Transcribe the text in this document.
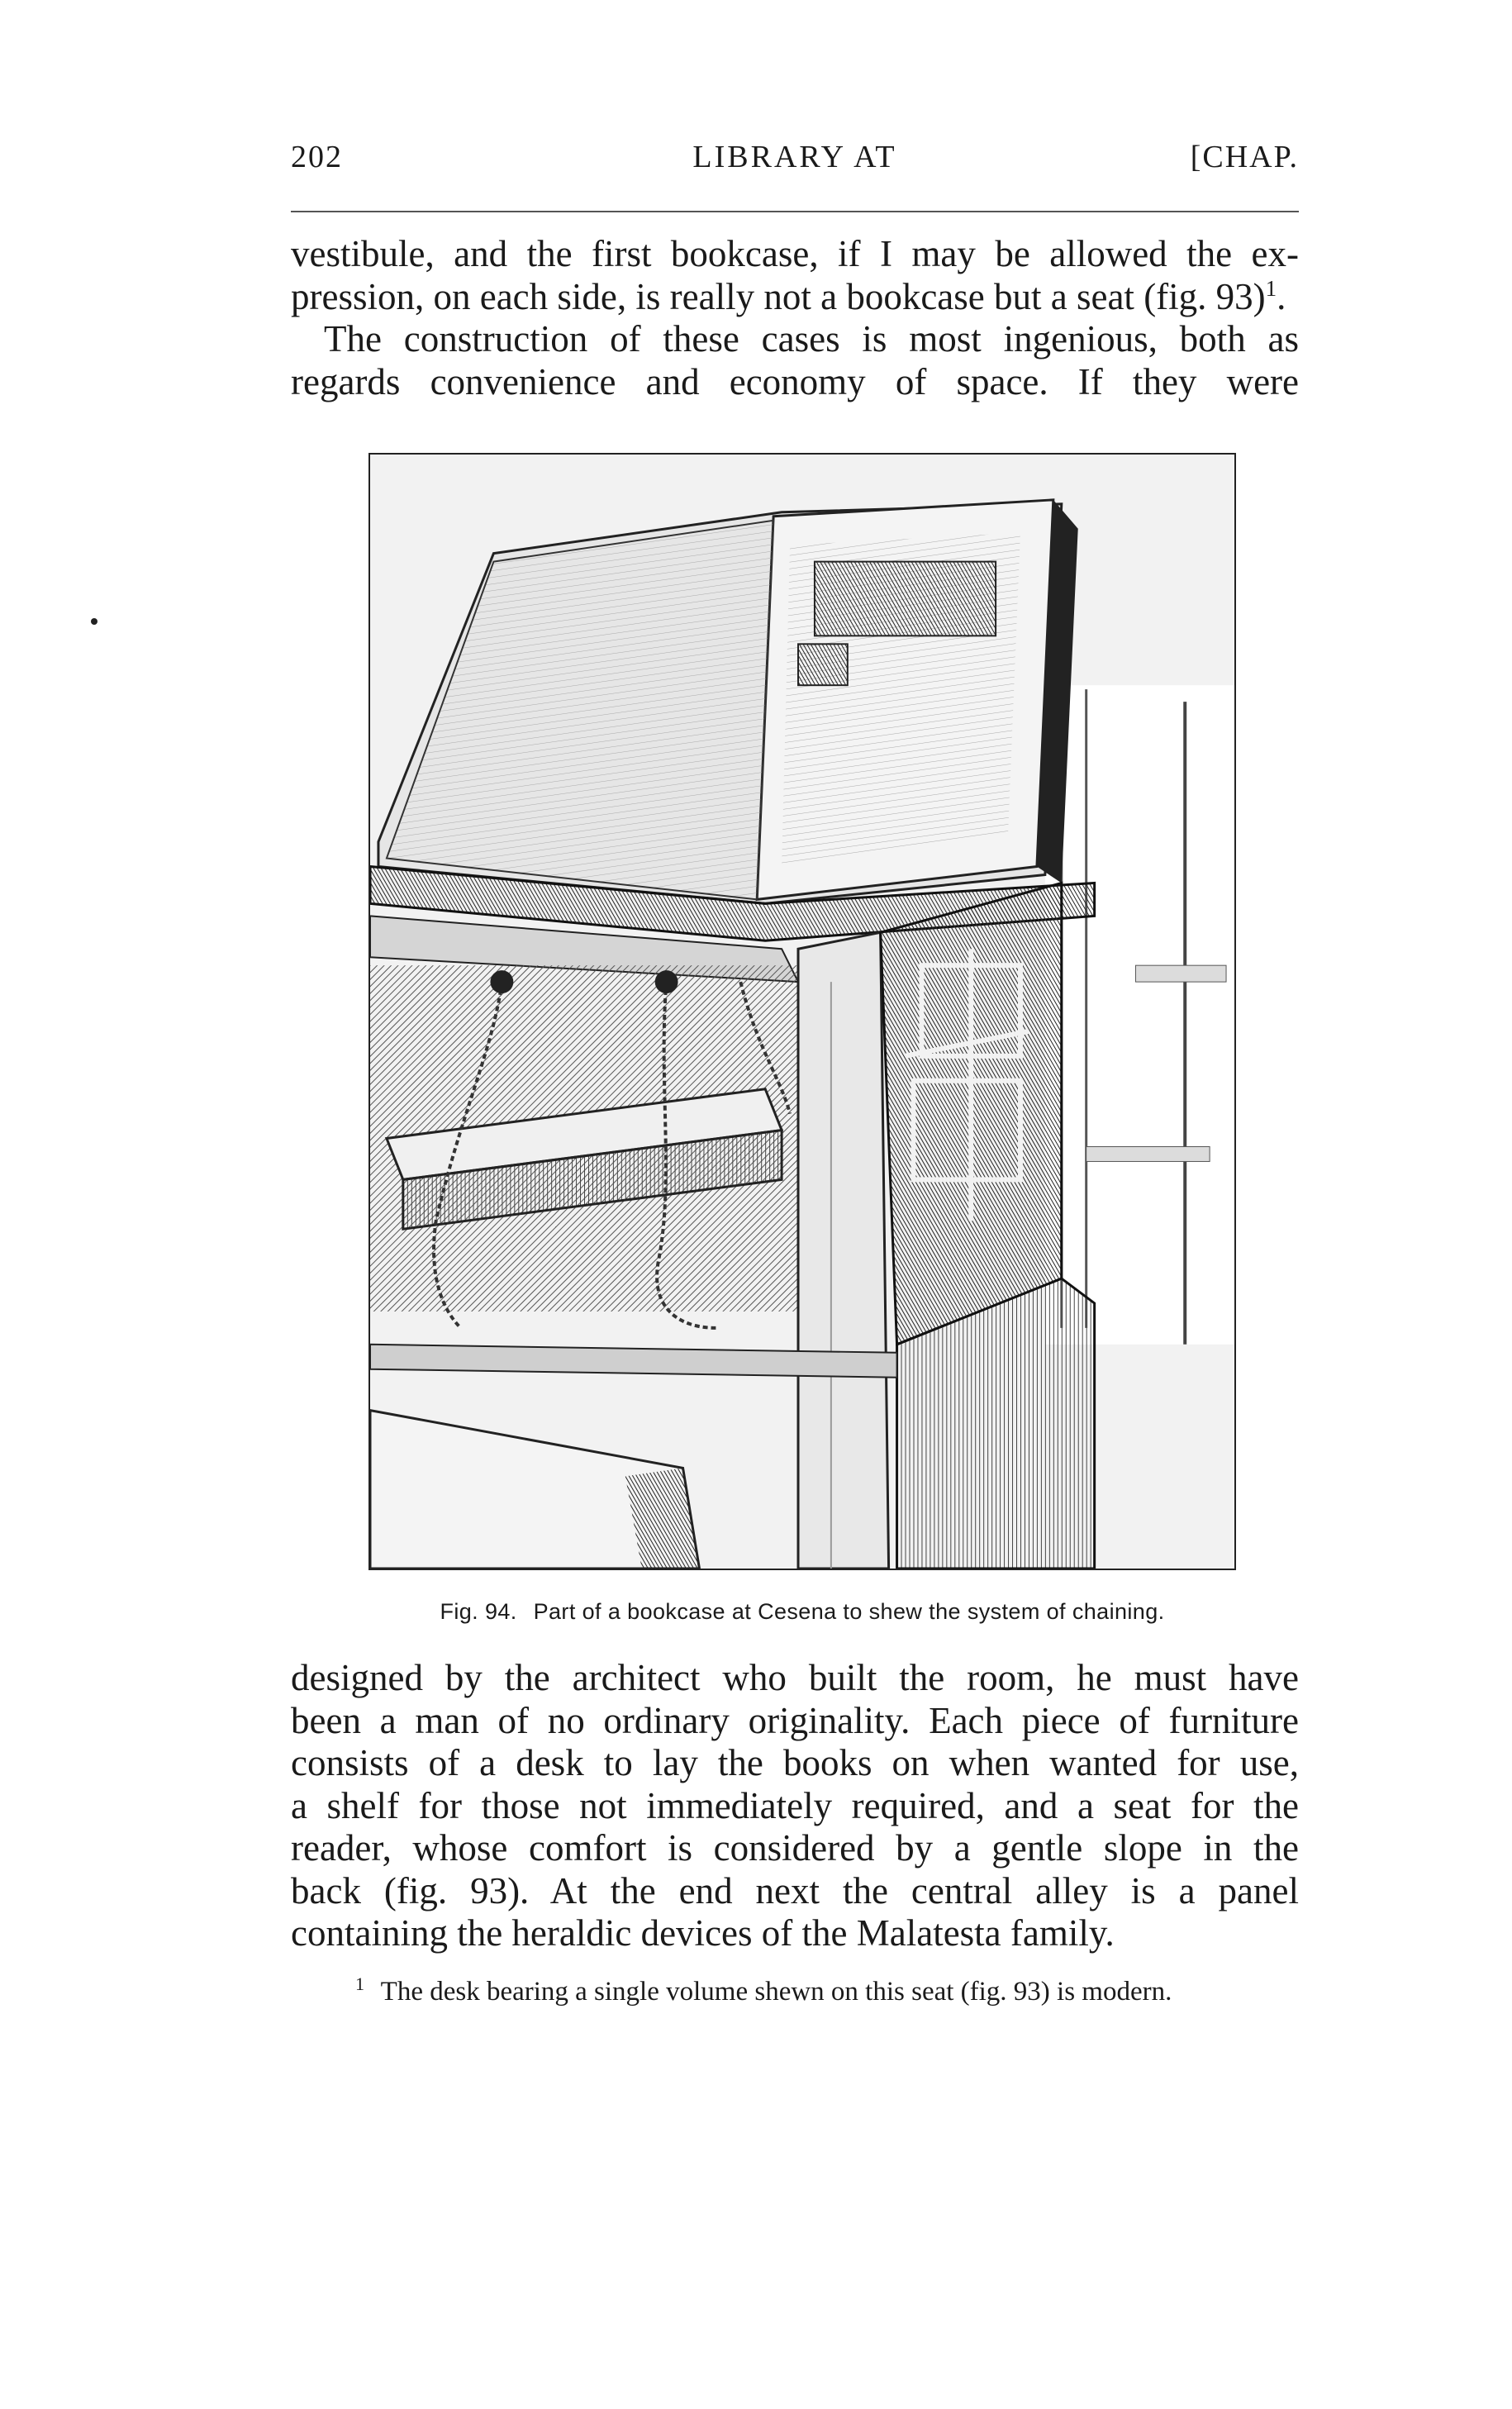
202	LIBRARY AT	[CHAP.
vestibule, and the first bookcase, if I may be allowed the ex-
pression, on each side, is really not a bookcase but a seat (fig. 93)$^1$.
The construction of these cases is most ingenious, both as
regards convenience and economy of space. If they were
Fig. 94. Part of a bookcase at Cesena to shew the system of chaining.
designed by the architect who built the room, he must have
been a man of no ordinary originality. Each piece of furniture
consists of a desk to lay the books on when wanted for use,
a shelf for those not immediately required, and a seat for the
reader, whose comfort is considered by a gentle slope in the
back (fig. 93). At the end next the central alley is a panel
containing the heraldic devices of the Malatesta family.
$^1$ The desk bearing a single volume shewn on this seat (fig. 93) is modern.
